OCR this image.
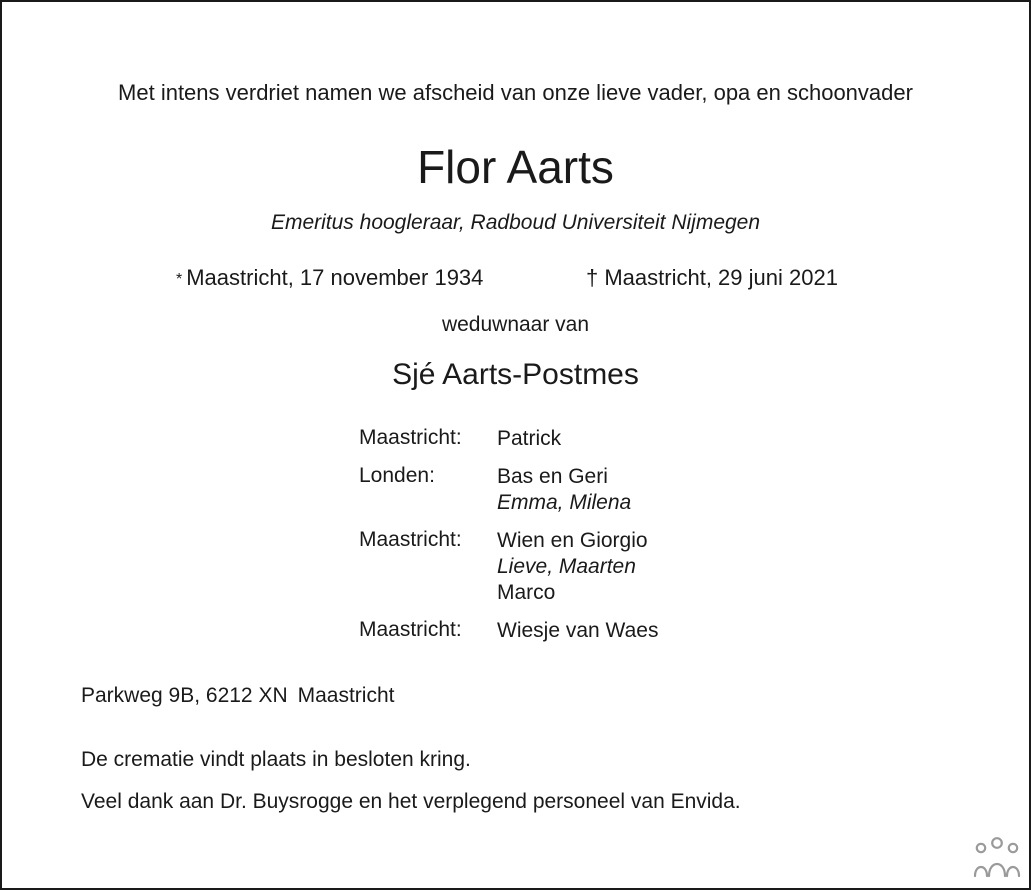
Met intens verdriet namen we afscheid van onze lieve vader, opa en schoonvader
Flor Aarts
Emeritus hoogleraar, Radboud Universiteit Nijmegen
* Maastricht, 17 november 1934	† Maastricht, 29 juni 2021
weduwnaar van
Sjé Aarts-Postmes
Maastricht: Patrick
Londen:	Bas en Geri
Emma, Milena
Maastricht: Wien en Giorgio
Lieve, Maarten
Marco
Maastricht: Wiesje van Waes
Parkweg 9B, 6212 XN Maastricht
De crematie vindt plaats in besloten kring.
Veel dank aan Dr. Buysrogge en het verplegend personeel van Envida.
